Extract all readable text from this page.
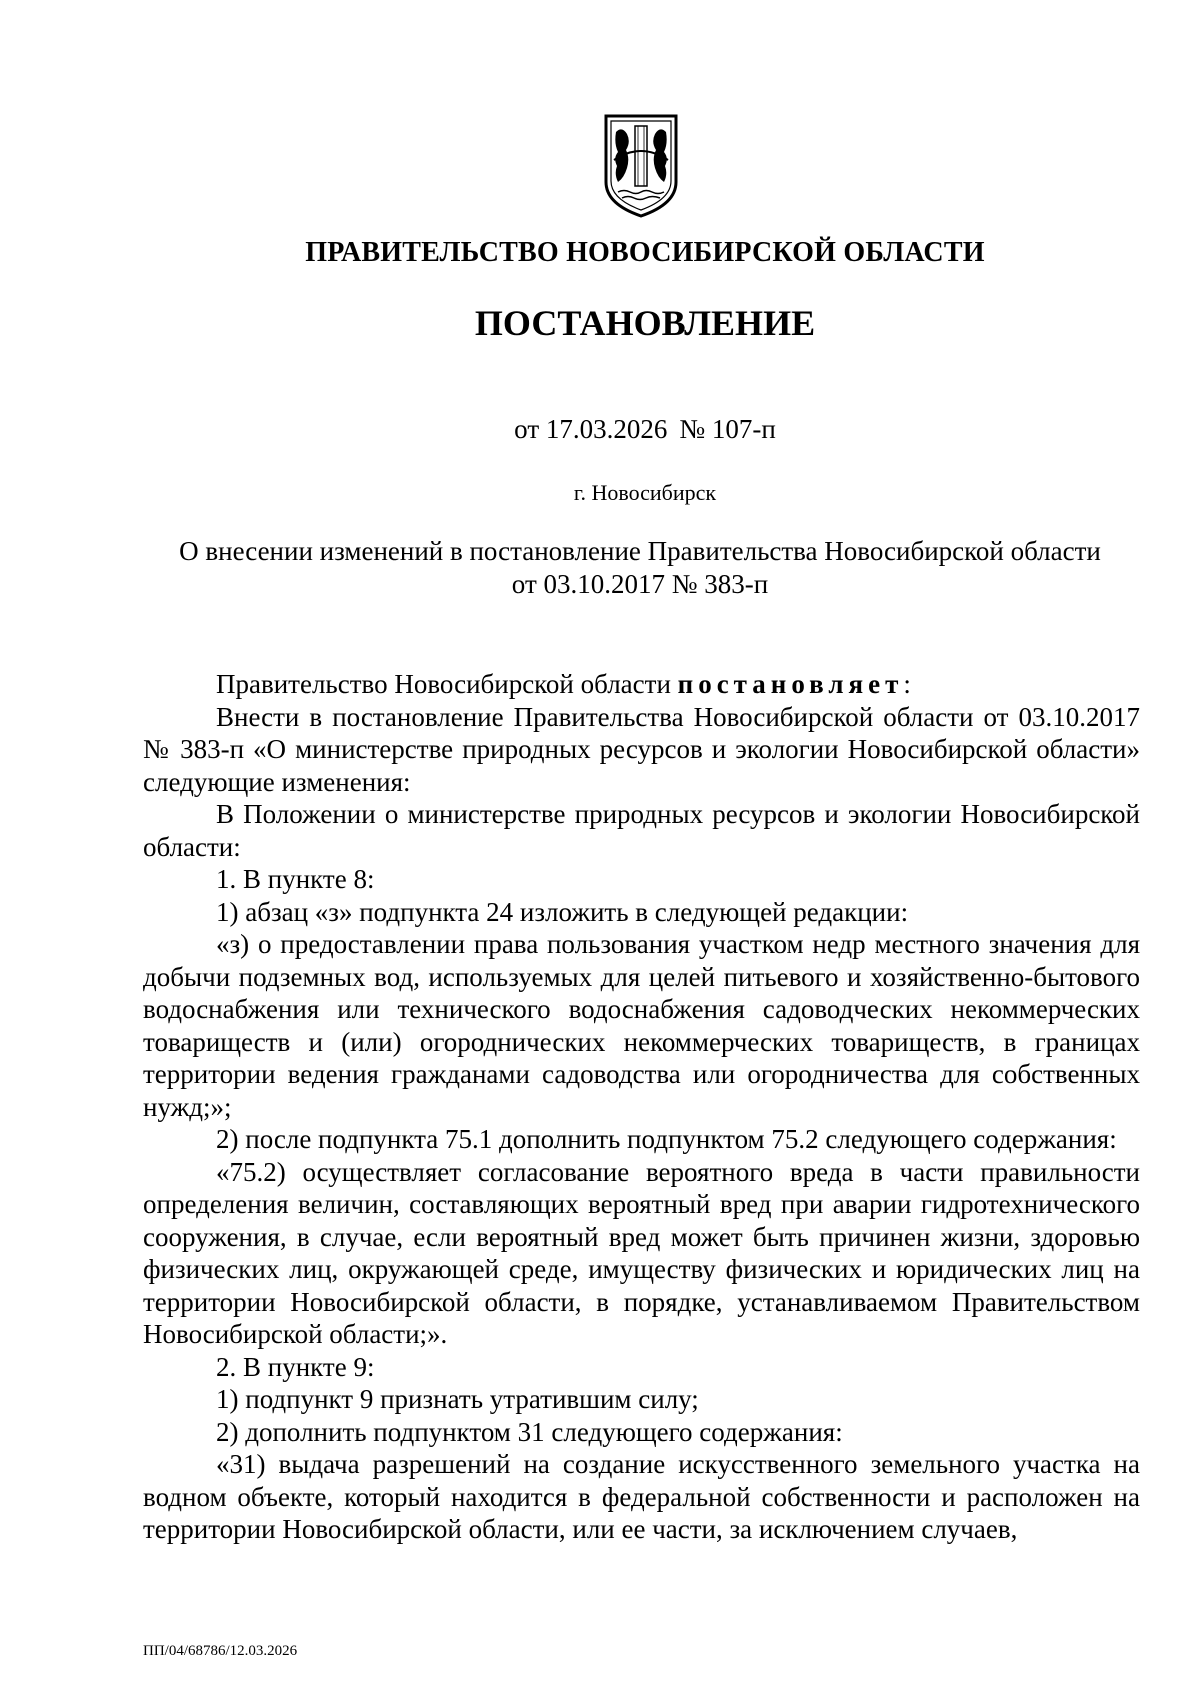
ПРАВИТЕЛЬСТВО НОВОСИБИРСКОЙ ОБЛАСТИ
ПОСТАНОВЛЕНИЕ
от 17.03.2026 № 107-п
г. Новосибирск
О внесении изменений в постановление Правительства Новосибирской области
от 03.10.2017 № 383-п

Правительство Новосибирской области постановляет:

Внести в постановление Правительства Новосибирской области от 03.10.2017 № 383-п «О министерстве природных ресурсов и экологии Новосибирской области» следующие изменения:

В Положении о министерстве природных ресурсов и экологии Новосибирской области:

1. В пункте 8:

1) абзац «з» подпункта 24 изложить в следующей редакции:

«з) о предоставлении права пользования участком недр местного значения для добычи подземных вод, используемых для целей питьевого и хозяйственно-бытового водоснабжения или технического водоснабжения садоводческих некоммерческих товариществ и (или) огороднических некоммерческих товариществ, в границах территории ведения гражданами садоводства или огородничества для собственных нужд;»;

2) после подпункта 75.1 дополнить подпунктом 75.2 следующего содержания:

«75.2) осуществляет согласование вероятного вреда в части правильности определения величин, составляющих вероятный вред при аварии гидротехнического сооружения, в случае, если вероятный вред может быть причинен жизни, здоровью физических лиц, окружающей среде, имуществу физических и юридических лиц на территории Новосибирской области, в порядке, устанавливаемом Правительством Новосибирской области;».

2. В пункте 9:

1) подпункт 9 признать утратившим силу;

2) дополнить подпунктом 31 следующего содержания:

«31) выдача разрешений на создание искусственного земельного участка на водном объекте, который находится в федеральной собственности и расположен на территории Новосибирской области, или ее части, за исключением случаев,

ПП/04/68786/12.03.2026
